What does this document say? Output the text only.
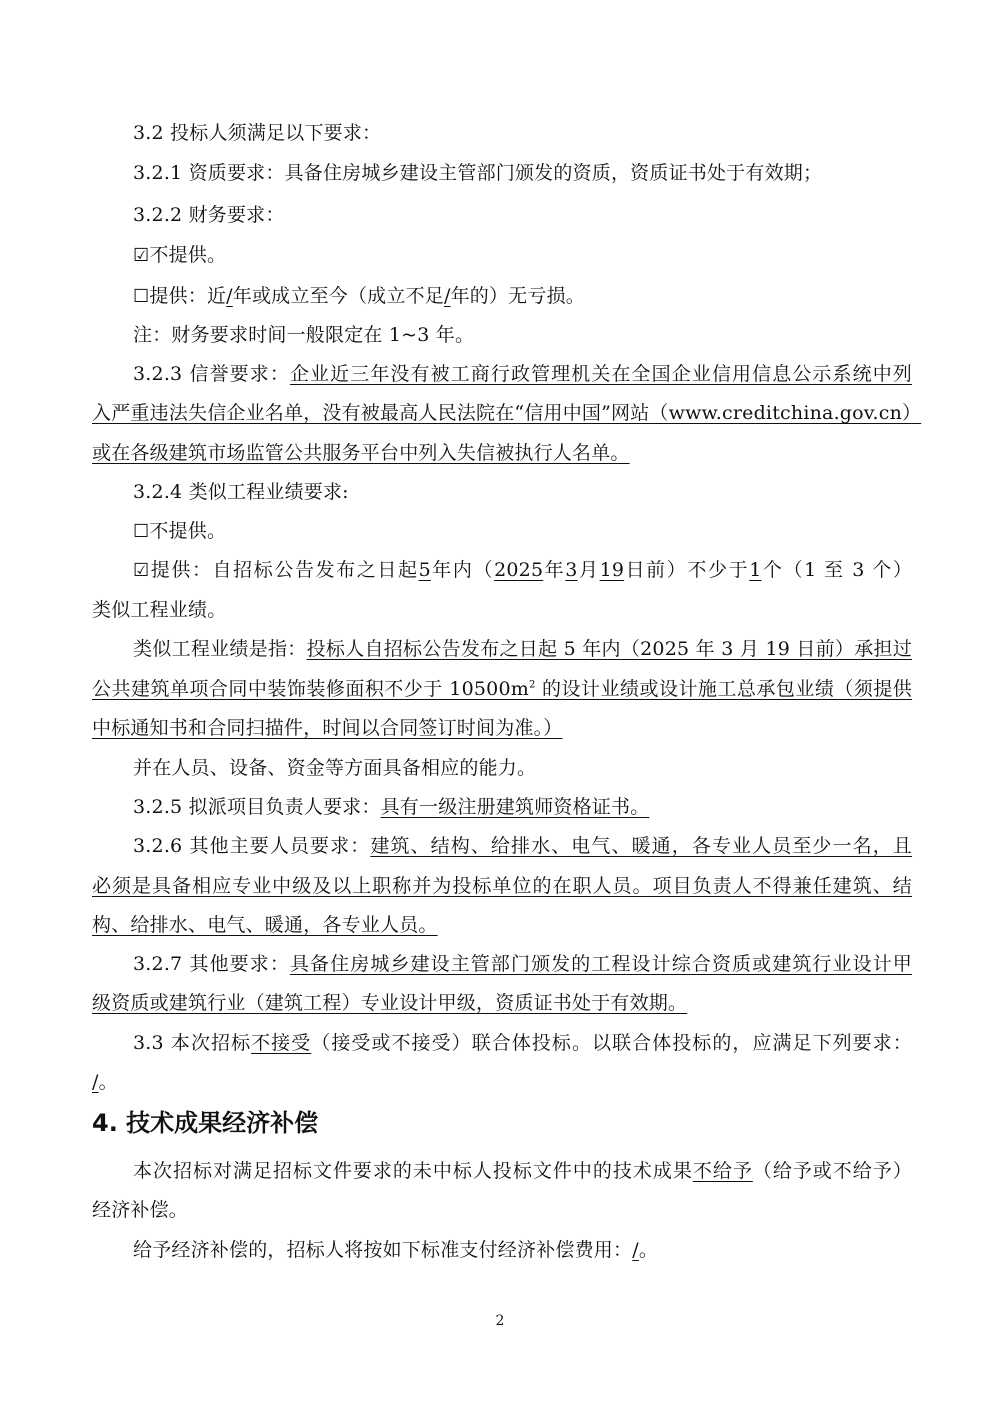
3.2 投标人须满足以下要求：
3.2.1 资质要求：具备住房城乡建设主管部门颁发的资质，资质证书处于有效期；
3.2.2 财务要求：
☑不提供。
☐提供：近/年或成立至今（成立不足/年的）无亏损。
注：财务要求时间一般限定在 1~3 年。
3.2.3 信誉要求：企业近三年没有被工商行政管理机关在全国企业信用信息公示系统中列
入严重违法失信企业名单，没有被最高人民法院在“信用中国”网站（www.creditchina.gov.cn）
或在各级建筑市场监管公共服务平台中列入失信被执行人名单。
3.2.4 类似工程业绩要求:
☐不提供。
☑提供：自招标公告发布之日起5年内（2025年3月19日前）不少于1个（1 至 3 个）
类似工程业绩。
类似工程业绩是指：投标人自招标公告发布之日起 5 年内（2025 年 3 月 19 日前）承担过
公共建筑单项合同中装饰装修面积不少于 $10500m^2$ 的设计业绩或设计施工总承包业绩（须提供
中标通知书和合同扫描件，时间以合同签订时间为准。）
并在人员、设备、资金等方面具备相应的能力。
3.2.5 拟派项目负责人要求：具有一级注册建筑师资格证书。
3.2.6 其他主要人员要求：建筑、结构、给排水、电气、暖通，各专业人员至少一名，且
必须是具备相应专业中级及以上职称并为投标单位的在职人员。项目负责人不得兼任建筑、结
构、给排水、电气、暖通，各专业人员。
3.2.7 其他要求：具备住房城乡建设主管部门颁发的工程设计综合资质或建筑行业设计甲
级资质或建筑行业（建筑工程）专业设计甲级，资质证书处于有效期。
3.3 本次招标不接受（接受或不接受）联合体投标。以联合体投标的，应满足下列要求：
/。
4. 技术成果经济补偿
本次招标对满足招标文件要求的未中标人投标文件中的技术成果不给予（给予或不给予）
经济补偿。
给予经济补偿的，招标人将按如下标准支付经济补偿费用：/。
2
